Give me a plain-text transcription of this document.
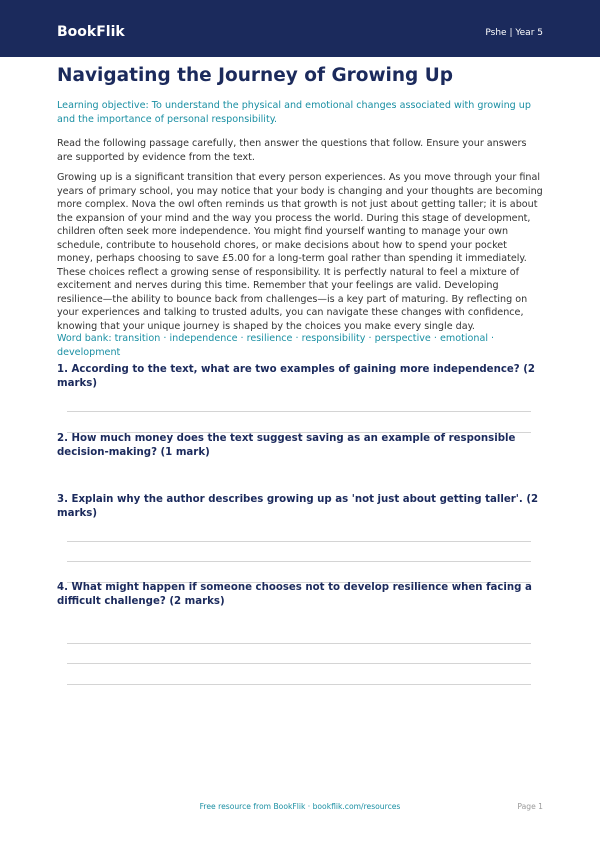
BookFlik	Pshe | Year 5
Navigating the Journey of Growing Up

Learning objective: To understand the physical and emotional changes associated with growing up and the importance of personal responsibility.

Read the following passage carefully, then answer the questions that follow. Ensure your answers are supported by evidence from the text.

Growing up is a significant transition that every person experiences. As you move through your final years of primary school, you may notice that your body is changing and your thoughts are becoming more complex. Nova the owl often reminds us that growth is not just about getting taller; it is about the expansion of your mind and the way you process the world. During this stage of development, children often seek more independence. You might find yourself wanting to manage your own schedule, contribute to household chores, or make decisions about how to spend your pocket money, perhaps choosing to save £5.00 for a long-term goal rather than spending it immediately. These choices reflect a growing sense of responsibility. It is perfectly natural to feel a mixture of excitement and nerves during this time. Remember that your feelings are valid. Developing resilience—the ability to bounce back from challenges—is a key part of maturing. By reflecting on your experiences and talking to trusted adults, you can navigate these changes with confidence, knowing that your unique journey is shaped by the choices you make every single day.

Word bank: transition · independence · resilience · responsibility · perspective · emotional · development

1. According to the text, what are two examples of gaining more independence? (2 marks)

2. How much money does the text suggest saving as an example of responsible decision-making? (1 mark)

3. Explain why the author describes growing up as 'not just about getting taller'. (2 marks)

4. What might happen if someone chooses not to develop resilience when facing a difficult challenge? (2 marks)

Free resource from BookFlik · bookflik.com/resources	Page 1
